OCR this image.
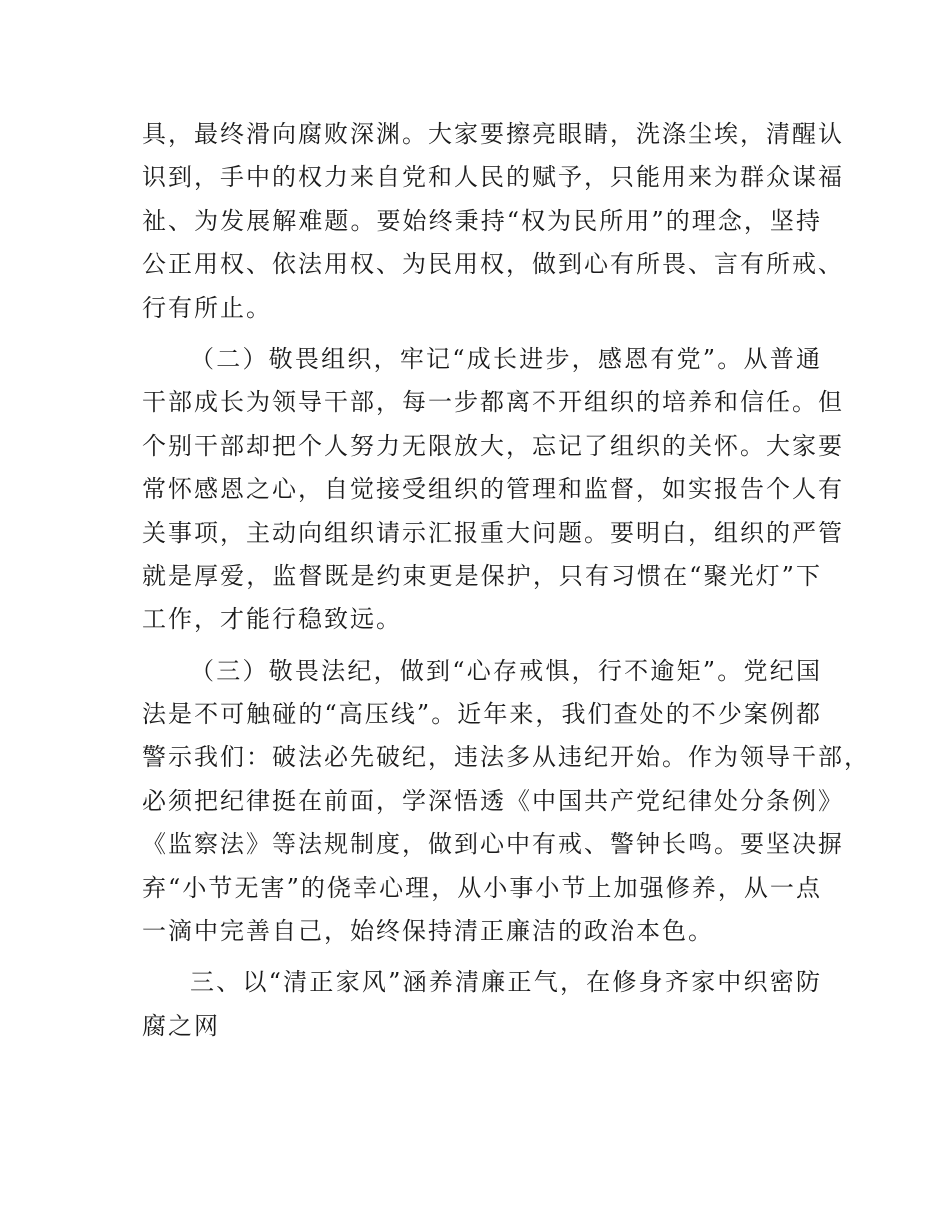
具，最终滑向腐败深渊。大家要擦亮眼睛，洗涤尘埃，清醒认
识到，手中的权力来自党和人民的赋予，只能用来为群众谋福
祉、为发展解难题。要始终秉持“权为民所用”的理念，坚持
公正用权、依法用权、为民用权，做到心有所畏、言有所戒、
行有所止。
（二）敬畏组织，牢记“成长进步，感恩有党”。从普通
干部成长为领导干部，每一步都离不开组织的培养和信任。但
个别干部却把个人努力无限放大，忘记了组织的关怀。大家要
常怀感恩之心，自觉接受组织的管理和监督，如实报告个人有
关事项，主动向组织请示汇报重大问题。要明白，组织的严管
就是厚爱，监督既是约束更是保护，只有习惯在“聚光灯”下
工作，才能行稳致远。
（三）敬畏法纪，做到“心存戒惧，行不逾矩”。党纪国
法是不可触碰的“高压线”。近年来，我们查处的不少案例都
警示我们：破法必先破纪，违法多从违纪开始。作为领导干部，
必须把纪律挺在前面，学深悟透《中国共产党纪律处分条例》
《监察法》等法规制度，做到心中有戒、警钟长鸣。要坚决摒
弃“小节无害”的侥幸心理，从小事小节上加强修养，从一点
一滴中完善自己，始终保持清正廉洁的政治本色。
三、以“清正家风”涵养清廉正气，在修身齐家中织密防
腐之网
